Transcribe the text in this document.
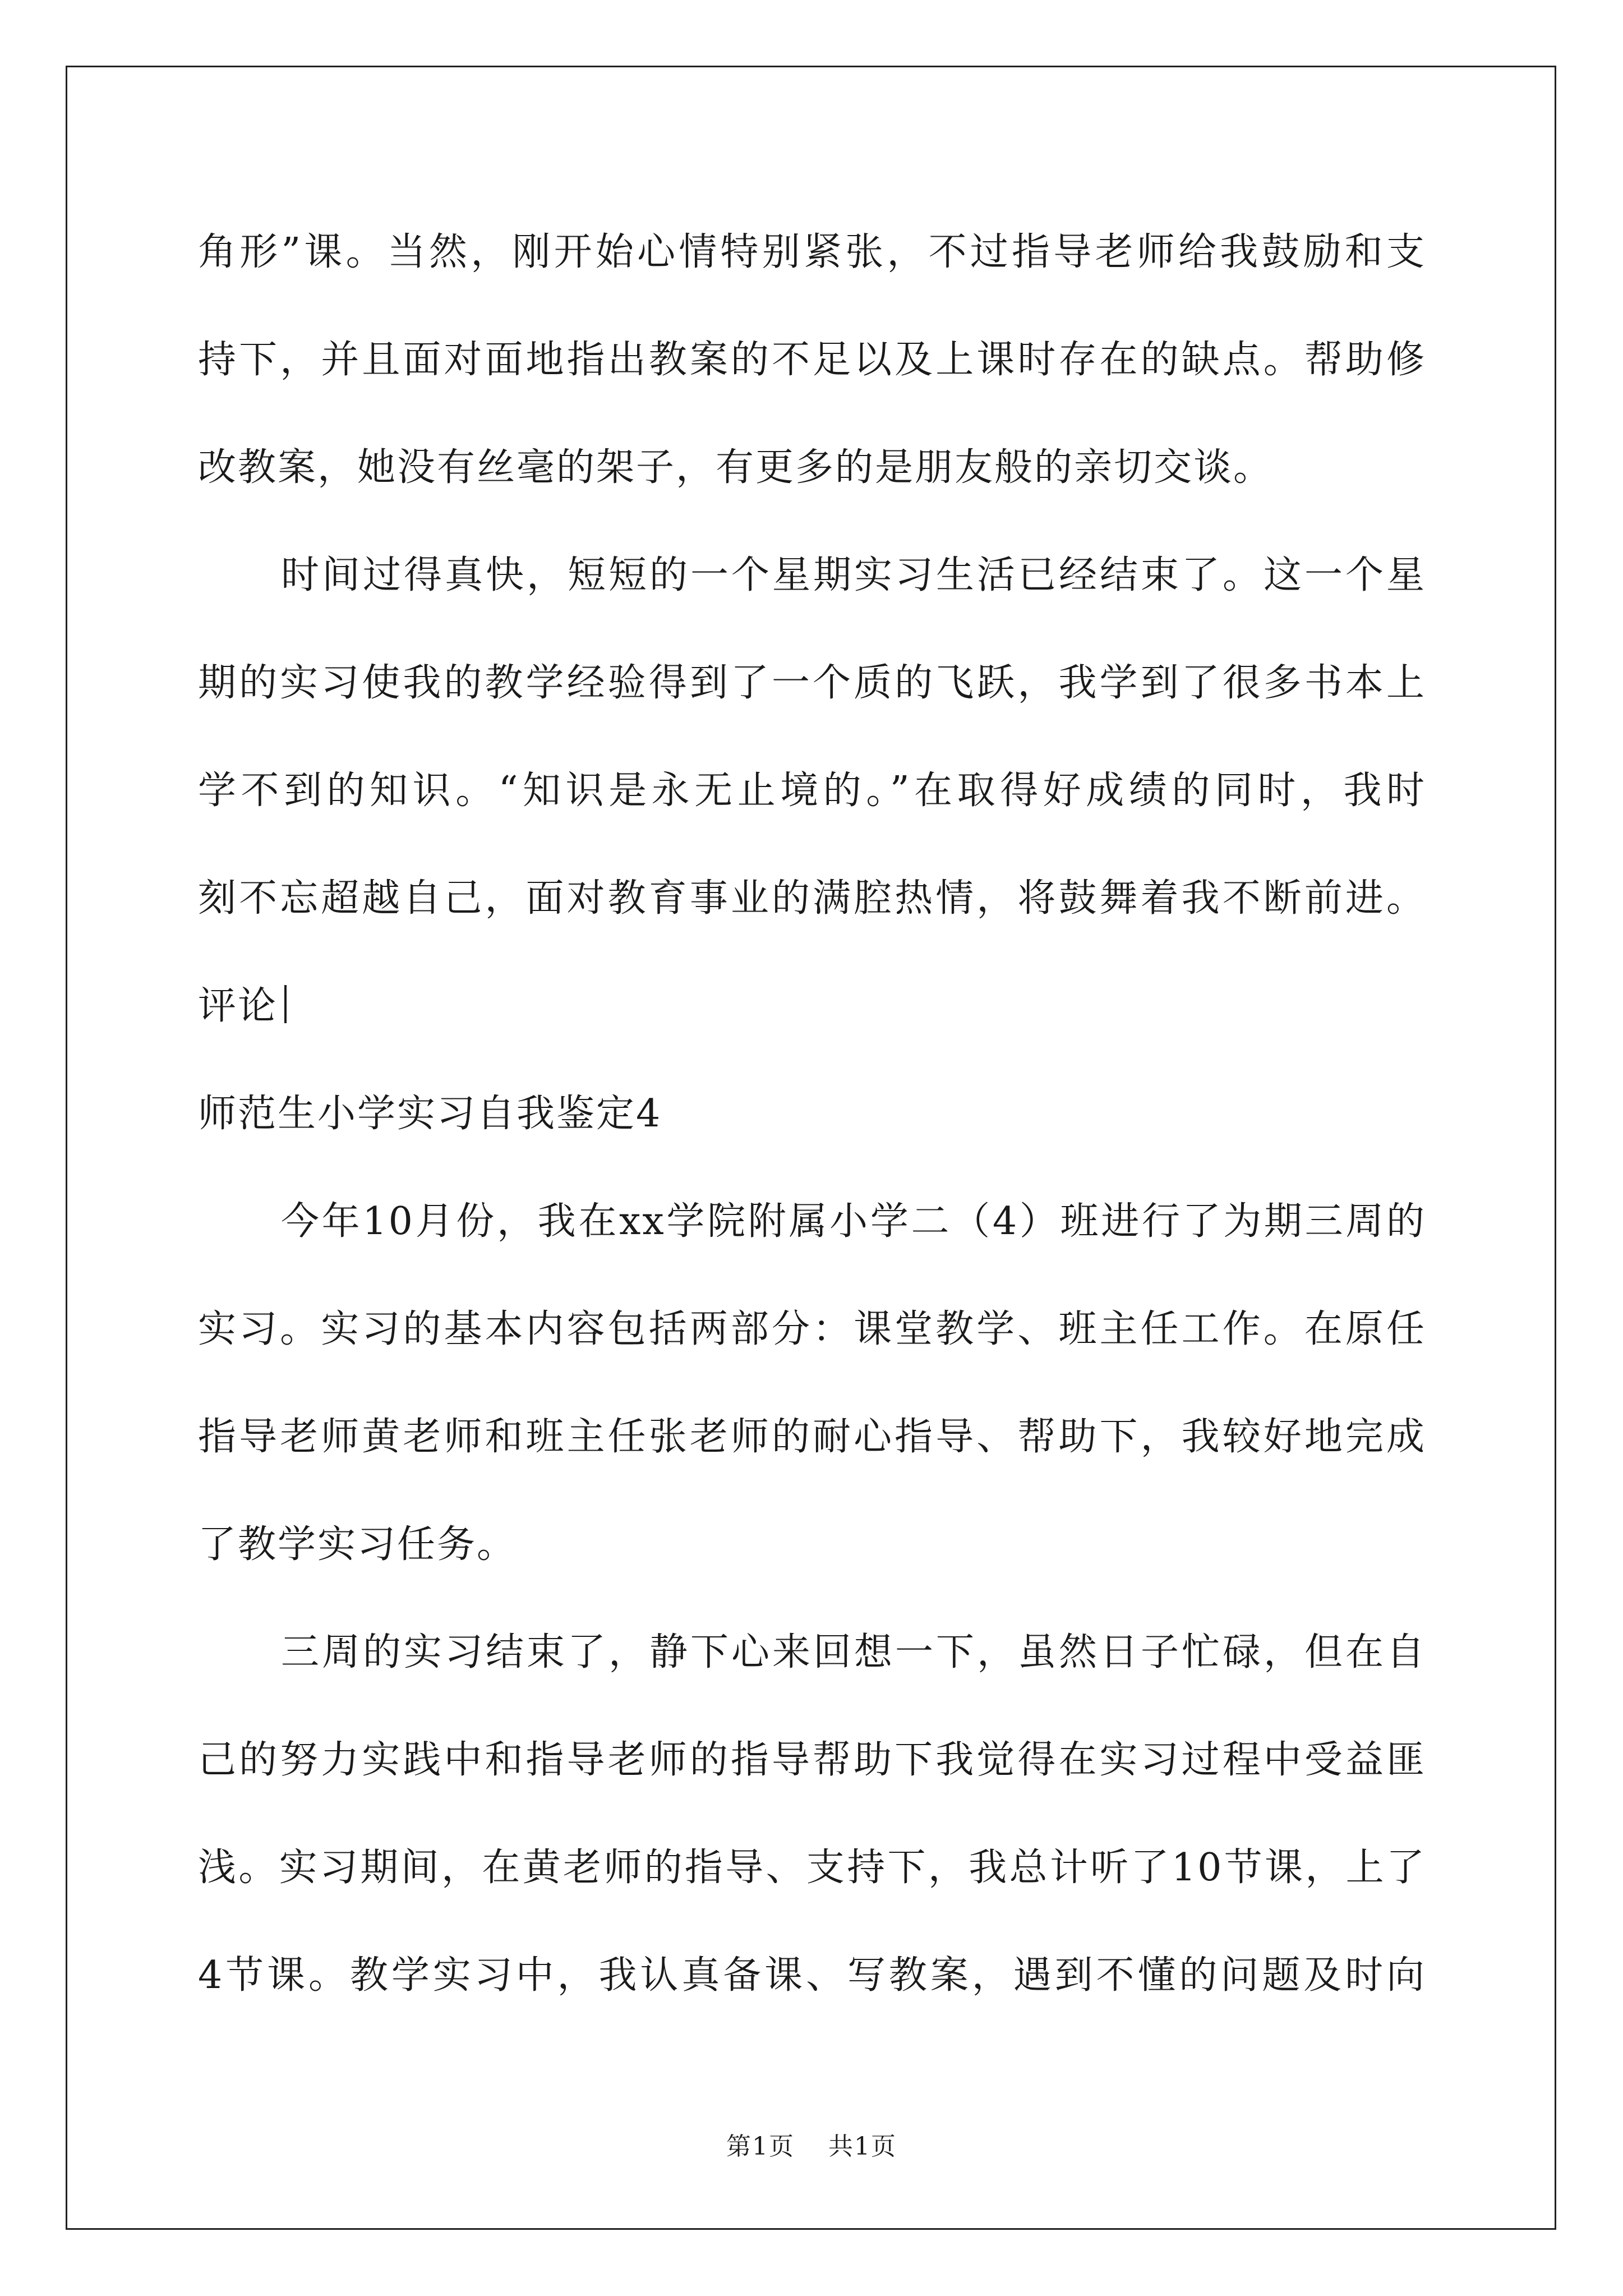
角形”课。当然，刚开始心情特别紧张，不过指导老师给我鼓励和支
持下，并且面对面地指出教案的不足以及上课时存在的缺点。帮助修
改教案，她没有丝毫的架子，有更多的是朋友般的亲切交谈。
时间过得真快，短短的一个星期实习生活已经结束了。这一个星
期的实习使我的教学经验得到了一个质的飞跃，我学到了很多书本上
学不到的知识。“知识是永无止境的。”在取得好成绩的同时，我时
刻不忘超越自己，面对教育事业的满腔热情，将鼓舞着我不断前进。
评论
师范生小学实习自我鉴定4
今年10月份，我在xx学院附属小学二（4）班进行了为期三周的
实习。实习的基本内容包括两部分：课堂教学、班主任工作。在原任
指导老师黄老师和班主任张老师的耐心指导、帮助下，我较好地完成
了教学实习任务。
三周的实习结束了，静下心来回想一下，虽然日子忙碌，但在自
己的努力实践中和指导老师的指导帮助下我觉得在实习过程中受益匪
浅。实习期间，在黄老师的指导、支持下，我总计听了10节课，上了
4节课。教学实习中，我认真备课、写教案，遇到不懂的问题及时向
第1页 共1页
